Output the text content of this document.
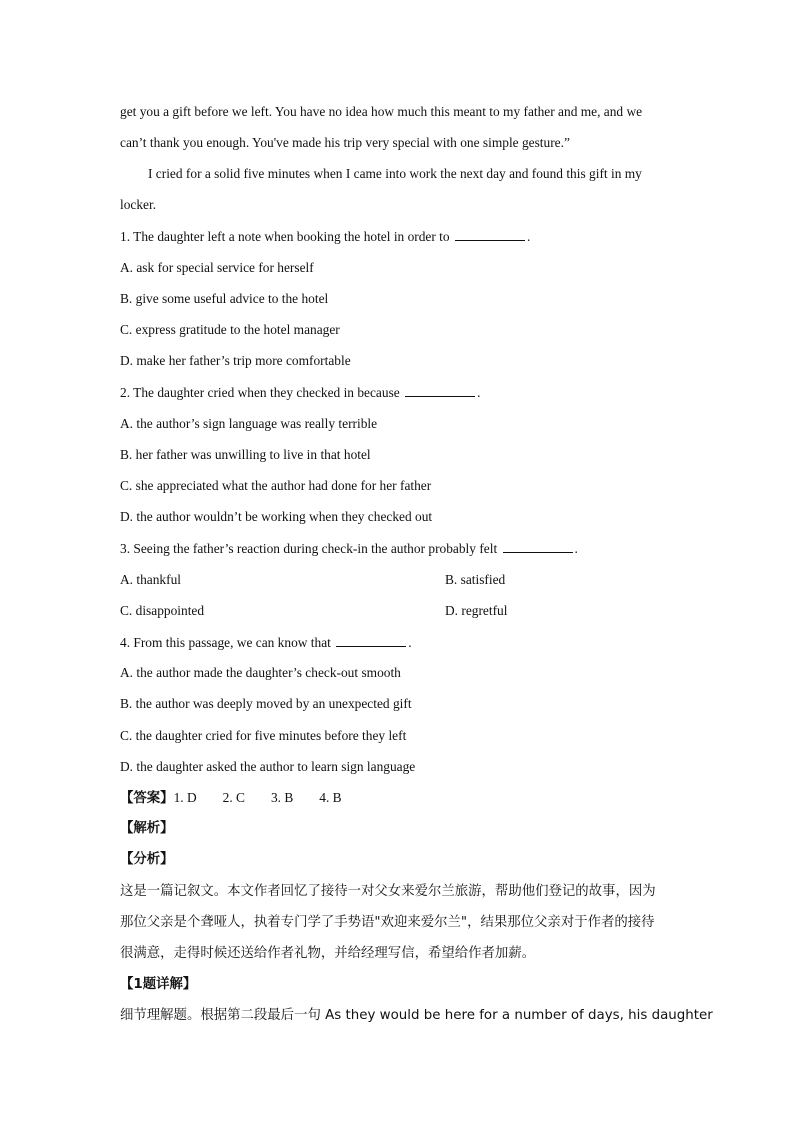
get you a gift before we left. You have no idea how much this meant to my father and me, and we
can’t thank you enough. You've made his trip very special with one simple gesture.”
I cried for a solid five minutes when I came into work the next day and found this gift in my
locker.
1. The daughter left a note when booking the hotel in order to	.
A. ask for special service for herself
B. give some useful advice to the hotel
C. express gratitude to the hotel manager
D. make her father’s trip more comfortable
2. The daughter cried when they checked in because	.
A. the author’s sign language was really terrible
B. her father was unwilling to live in that hotel
C. she appreciated what the author had done for her father
D. the author wouldn’t be working when they checked out
3. Seeing the father’s reaction during check-in the author probably felt	.
A. thankful	B. satisfied
C. disappointed	D. regretful
4. From this passage, we can know that	.
A. the author made the daughter’s check-out smooth
B. the author was deeply moved by an unexpected gift
C. the daughter cried for five minutes before they left
D. the daughter asked the author to learn sign language
【答案】1. D 2. C 3. B 4. B
【解析】
【分析】
这是一篇记叙文。本文作者回忆了接待一对父女来爱尔兰旅游，帮助他们登记的故事，因为
那位父亲是个聋哑人，执着专门学了手势语"欢迎来爱尔兰"，结果那位父亲对于作者的接待
很满意，走得时候还送给作者礼物，并给经理写信，希望给作者加薪。
【1题详解】
细节理解题。根据第二段最后一句 As they would be here for a number of days, his daughter
